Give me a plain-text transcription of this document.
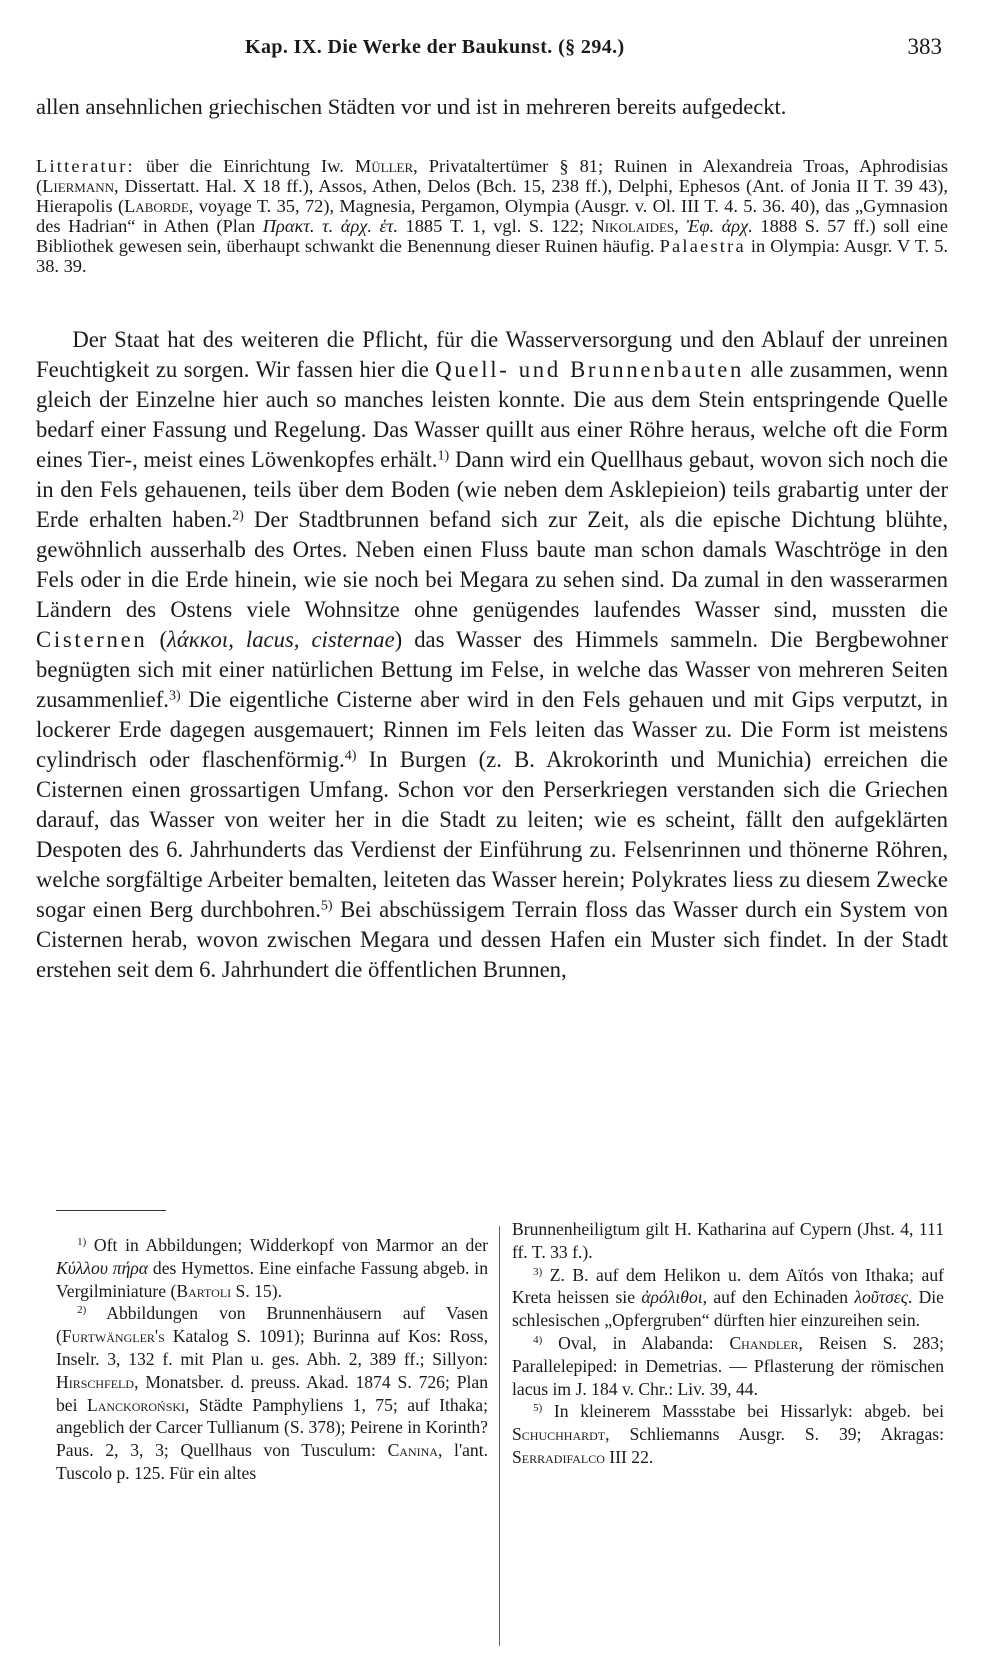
Kap. IX. Die Werke der Baukunst. (§ 294.)	383

allen ansehnlichen griechischen Städten vor und ist in mehreren bereits aufgedeckt.

Litteratur: über die Einrichtung Iw. Müller, Privataltertümer § 81; Ruinen in Alexandreia Troas, Aphrodisias (Liermann, Dissertatt. Hal. X 18 ff.), Assos, Athen, Delos (Bch. 15, 238 ff.), Delphi, Ephesos (Ant. of Jonia II T. 39 43), Hierapolis (Laborde, voyage T. 35, 72), Magnesia, Pergamon, Olympia (Ausgr. v. Ol. III T. 4. 5. 36. 40), das „Gymnasion des Hadrian“ in Athen (Plan Πρακτ. τ. ἀρχ. ἑτ. 1885 T. 1, vgl. S. 122; Nikolaides, Ἐφ. ἀρχ. 1888 S. 57 ff.) soll eine Bibliothek gewesen sein, überhaupt schwankt die Benennung dieser Ruinen häufig. Palaestra in Olympia: Ausgr. V T. 5. 38. 39.

Der Staat hat des weiteren die Pflicht, für die Wasserversorgung und den Ablauf der unreinen Feuchtigkeit zu sorgen. Wir fassen hier die Quell- und Brunnenbauten alle zusammen, wenn gleich der Einzelne hier auch so manches leisten konnte. Die aus dem Stein entspringende Quelle bedarf einer Fassung und Regelung. Das Wasser quillt aus einer Röhre heraus, welche oft die Form eines Tier-, meist eines Löwenkopfes erhält.$^{1)}$ Dann wird ein Quellhaus gebaut, wovon sich noch die in den Fels gehauenen, teils über dem Boden (wie neben dem Asklepieion) teils grabartig unter der Erde erhalten haben.$^{2)}$ Der Stadtbrunnen befand sich zur Zeit, als die epische Dichtung blühte, gewöhnlich ausserhalb des Ortes. Neben einen Fluss baute man schon damals Waschtröge in den Fels oder in die Erde hinein, wie sie noch bei Megara zu sehen sind. Da zumal in den wasserarmen Ländern des Ostens viele Wohnsitze ohne genügendes laufendes Wasser sind, mussten die Cisternen (λάκκοι, lacus, cisternae) das Wasser des Himmels sammeln. Die Bergbewohner begnügten sich mit einer natürlichen Bettung im Felse, in welche das Wasser von mehreren Seiten zusammenlief.$^{3)}$ Die eigentliche Cisterne aber wird in den Fels gehauen und mit Gips verputzt, in lockerer Erde dagegen ausgemauert; Rinnen im Fels leiten das Wasser zu. Die Form ist meistens cylindrisch oder flaschenförmig.$^{4)}$ In Burgen (z. B. Akrokorinth und Munichia) erreichen die Cisternen einen grossartigen Umfang. Schon vor den Perserkriegen verstanden sich die Griechen darauf, das Wasser von weiter her in die Stadt zu leiten; wie es scheint, fällt den aufgeklärten Despoten des 6. Jahrhunderts das Verdienst der Einführung zu. Felsenrinnen und thönerne Röhren, welche sorgfältige Arbeiter bemalten, leiteten das Wasser herein; Polykrates liess zu diesem Zwecke sogar einen Berg durchbohren.$^{5)}$ Bei abschüssigem Terrain floss das Wasser durch ein System von Cisternen herab, wovon zwischen Megara und dessen Hafen ein Muster sich findet. In der Stadt erstehen seit dem 6. Jahrhundert die öffentlichen Brunnen,

$^{1)}$ Oft in Abbildungen; Widderkopf von Marmor an der Κύλλου πήρα des Hymettos. Eine einfache Fassung abgeb. in Vergilminiature (Bartoli S. 15).

$^{2)}$ Abbildungen von Brunnenhäusern auf Vasen (Furtwängler's Katalog S. 1091); Burinna auf Kos: Ross, Inselr. 3, 132 f. mit Plan u. ges. Abh. 2, 389 ff.; Sillyon: Hirschfeld, Monatsber. d. preuss. Akad. 1874 S. 726; Plan bei Lanckoroński, Städte Pamphyliens 1, 75; auf Ithaka; angeblich der Carcer Tullianum (S. 378); Peirene in Korinth? Paus. 2, 3, 3; Quellhaus von Tusculum: Canina, l'ant. Tuscolo p. 125. Für ein altes

Brunnenheiligtum gilt H. Katharina auf Cypern (Jhst. 4, 111 ff. T. 33 f.).

$^{3)}$ Z. B. auf dem Helikon u. dem Aïtós von Ithaka; auf Kreta heissen sie ἀρόλιθοι, auf den Echinaden λοῦτσες. Die schlesischen „Opfergruben“ dürften hier einzureihen sein.

$^{4)}$ Oval, in Alabanda: Chandler, Reisen S. 283; Parallelepiped: in Demetrias. — Pflasterung der römischen lacus im J. 184 v. Chr.: Liv. 39, 44.

$^{5)}$ In kleinerem Massstabe bei Hissarlyk: abgeb. bei Schuchhardt, Schliemanns Ausgr. S. 39; Akragas: Serradifalco III 22.
